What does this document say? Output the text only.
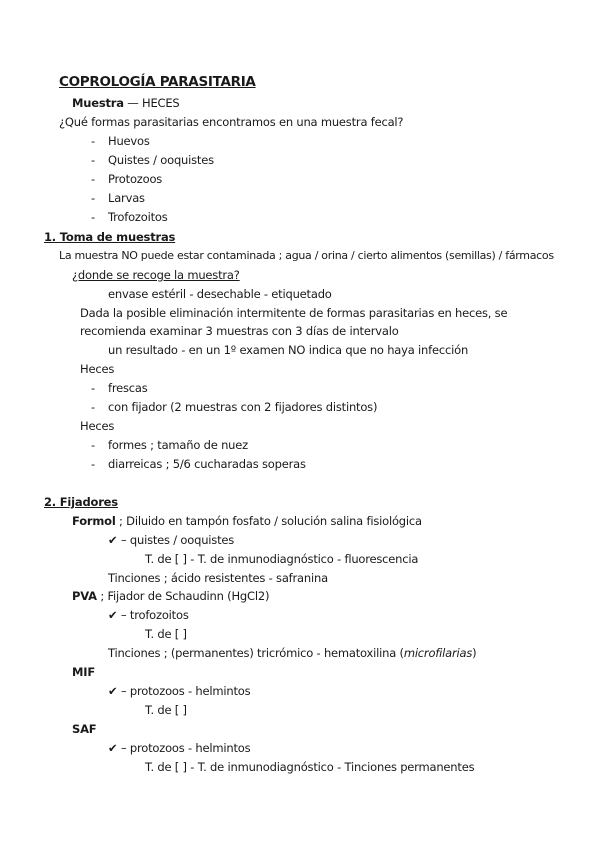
COPROLOGÍA PARASITARIA
Muestra — HECES
¿Qué formas parasitarias encontramos en una muestra fecal?
- Huevos
- Quistes / ooquistes
- Protozoos
- Larvas
- Trofozoitos
1. Toma de muestras
La muestra NO puede estar contaminada ; agua / orina / cierto alimentos (semillas) / fármacos
¿donde se recoge la muestra?
envase estéril - desechable - etiquetado
Dada la posible eliminación intermitente de formas parasitarias en heces, se
recomienda examinar 3 muestras con 3 días de intervalo
un resultado - en un 1º examen NO indica que no haya infección
Heces
- frescas
- con fijador (2 muestras con 2 fijadores distintos)
Heces
- formes ; tamaño de nuez
- diarreicas ; 5/6 cucharadas soperas
2. Fijadores
Formol ; Diluido en tampón fosfato / solución salina fisiológica
✔ – quistes / ooquistes
T. de [ ] - T. de inmunodiagnóstico - fluorescencia
Tinciones ; ácido resistentes - safranina
PVA ; Fijador de Schaudinn (HgCl2)
✔ – trofozoitos
T. de [ ]
Tinciones ; (permanentes) tricrómico - hematoxilina (microfilarias)
MIF
✔ – protozoos - helmintos
T. de [ ]
SAF
✔ – protozoos - helmintos
T. de [ ] - T. de inmunodiagnóstico - Tinciones permanentes
